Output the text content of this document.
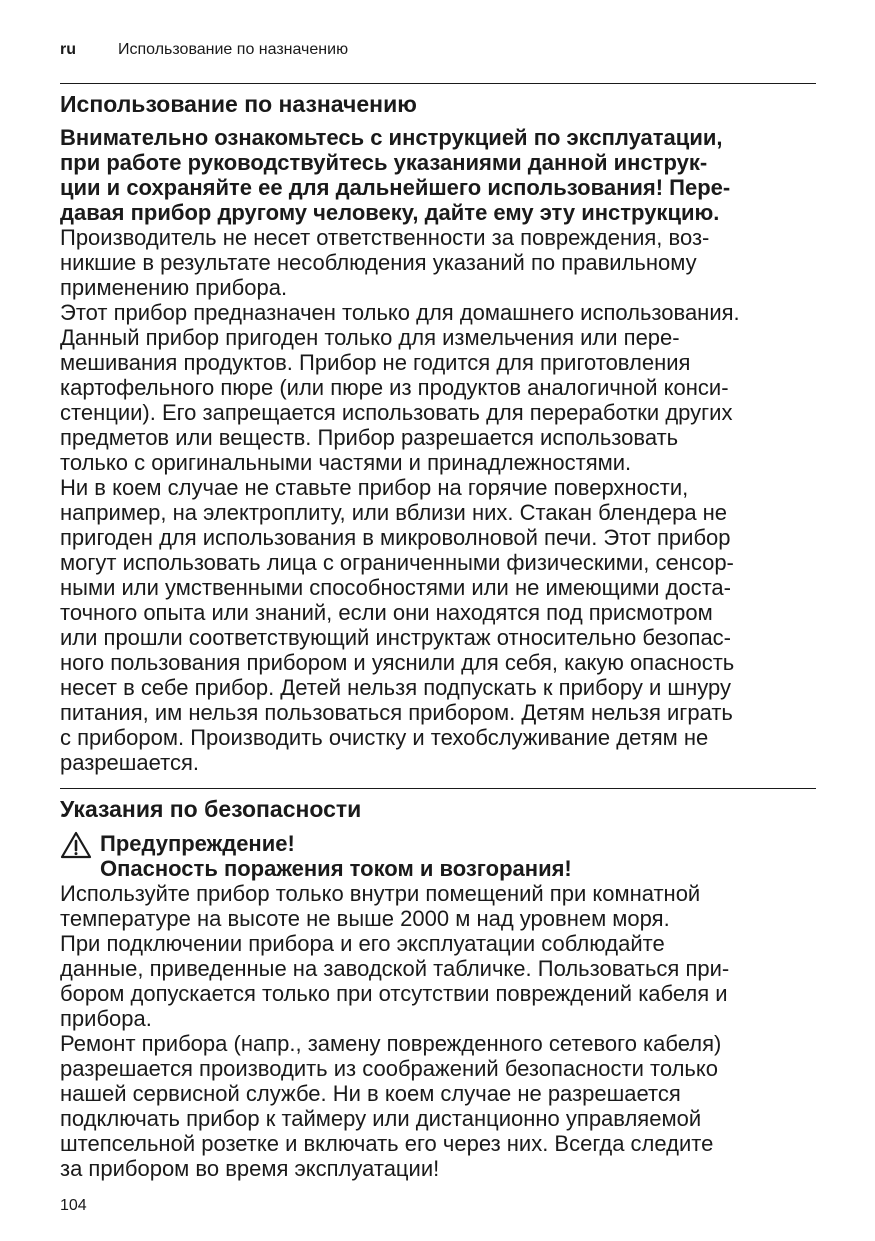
ru	Использование по назначению
Использование по назначению

Внимательно ознакомьтесь с инструкцией по эксплуатации,
при работе руководствуйтесь указаниями данной инструк-
ции и сохраняйте ее для дальнейшего использования! Пере-
давая прибор другому человеку, дайте ему эту инструкцию.

Производитель не несет ответственности за повреждения, воз-
никшие в результате несоблюдения указаний по правильному
применению прибора.

Этот прибор предназначен только для домашнего использования.
Данный прибор пригоден только для измельчения или пере-
мешивания продуктов. Прибор не годится для приготовления
картофельного пюре (или пюре из продуктов аналогичной конси-
стенции). Его запрещается использовать для переработки других
предметов или веществ. Прибор разрешается использовать
только с оригинальными частями и принадлежностями.

Ни в коем случае не ставьте прибор на горячие поверхности,
например, на электроплиту, или вблизи них. Стакан блендера не
пригоден для использования в микроволновой печи. Этот прибор
могут использовать лица с ограниченными физическими, сенсор-
ными или умственными способностями или не имеющими доста-
точного опыта или знаний, если они находятся под присмотром
или прошли соответствующий инструктаж относительно безопас-
ного пользования прибором и уяснили для себя, какую опасность
несет в себе прибор. Детей нельзя подпускать к прибору и шнуру
питания, им нельзя пользоваться прибором. Детям нельзя играть
с прибором. Производить очистку и техобслуживание детям не
разрешается.

Указания по безопасности
Предупреждение!
Опасность поражения током и возгорания!

Используйте прибор только внутри помещений при комнатной
температуре на высоте не выше 2000 м над уровнем моря.

При подключении прибора и его эксплуатации соблюдайте
данные, приведенные на заводской табличке. Пользоваться при-
бором допускается только при отсутствии повреждений кабеля и
прибора.

Ремонт прибора (напр., замену поврежденного сетевого кабеля)
разрешается производить из соображений безопасности только
нашей сервисной службе. Ни в коем случае не разрешается
подключать прибор к таймеру или дистанционно управляемой
штепсельной розетке и включать его через них. Всегда следите
за прибором во время эксплуатации!

104
